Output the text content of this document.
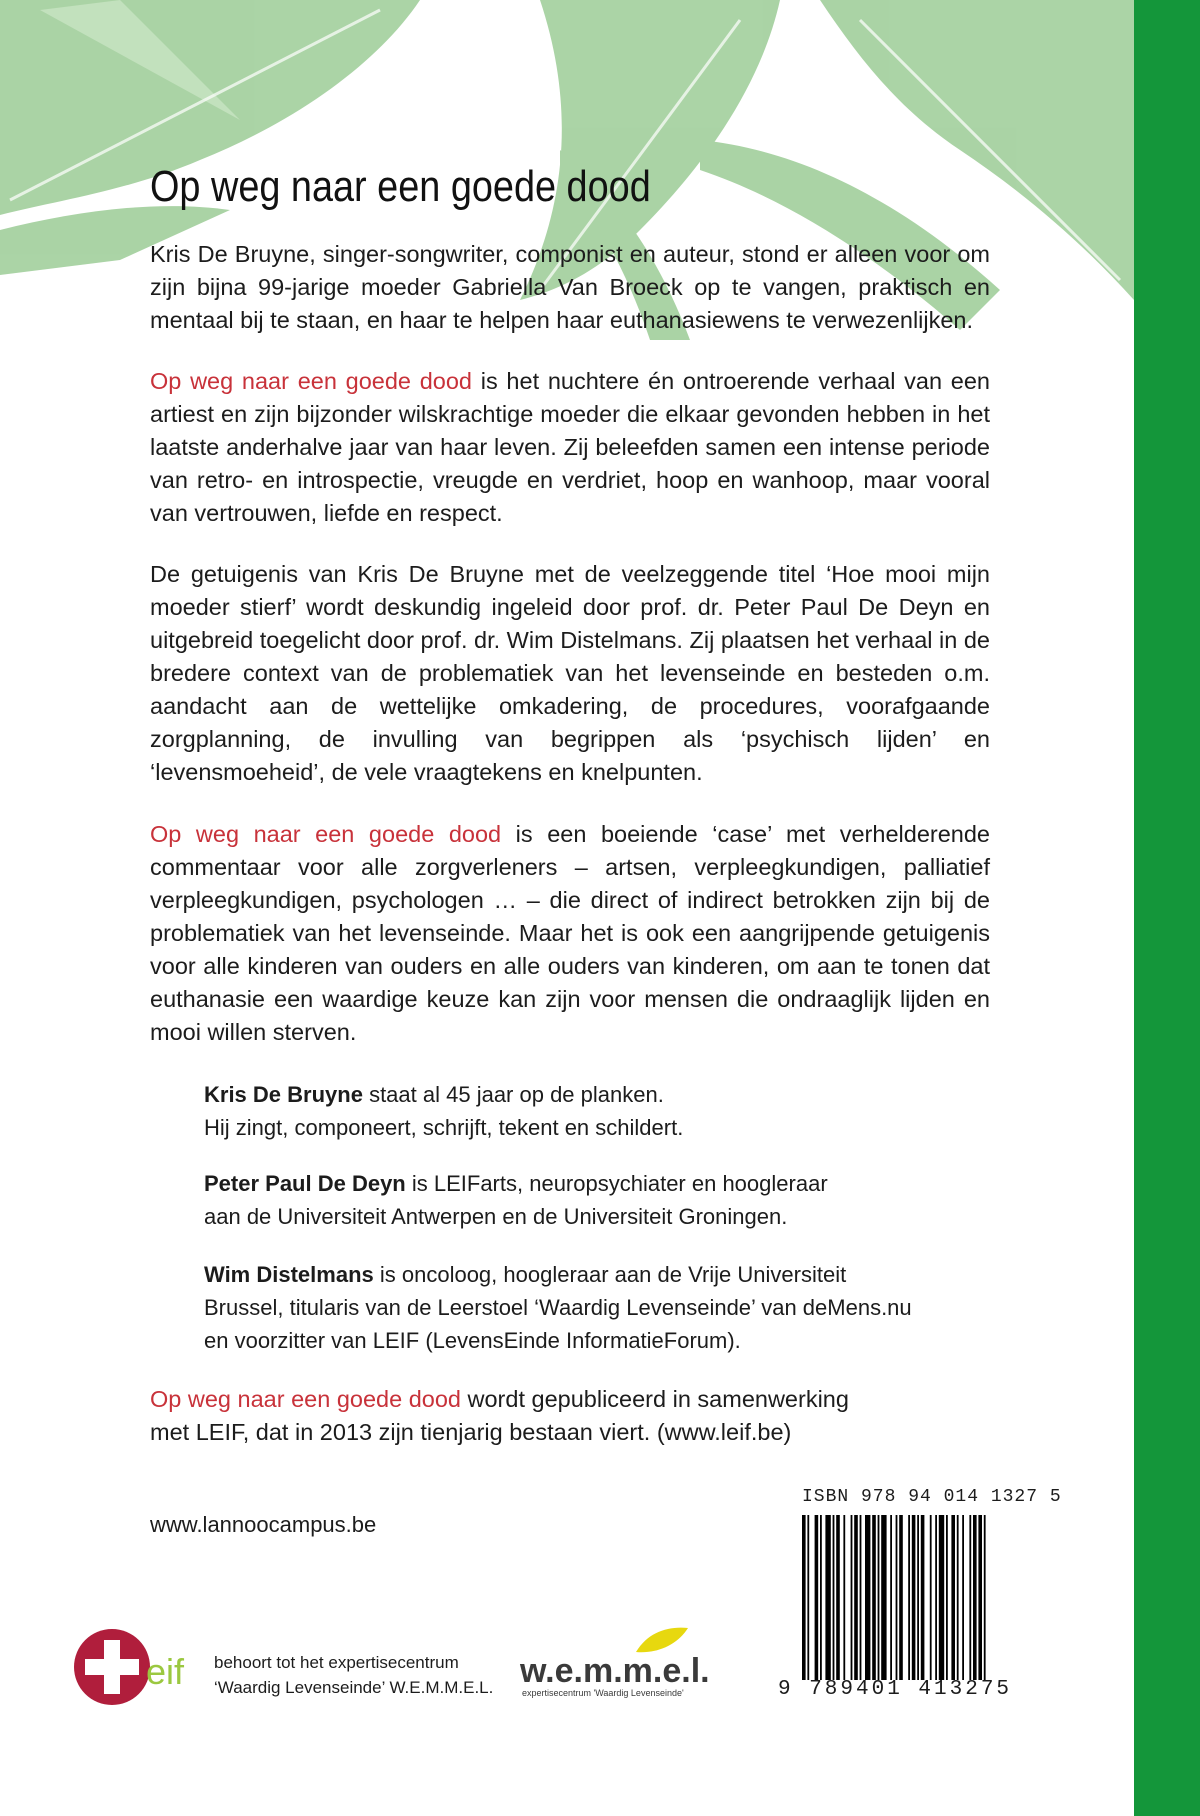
Op weg naar een goede dood

Kris De Bruyne, singer-songwriter, componist en auteur, stond er alleen voor om zijn bijna 99-jarige moeder Gabriella Van Broeck op te vangen, praktisch en mentaal bij te staan, en haar te helpen haar euthanasiewens te verwezenlijken.

Op weg naar een goede dood is het nuchtere én ontroerende verhaal van een artiest en zijn bijzonder wilskrachtige moeder die elkaar gevonden hebben in het laatste anderhalve jaar van haar leven. Zij beleefden samen een intense periode van retro- en introspectie, vreugde en verdriet, hoop en wanhoop, maar vooral van vertrouwen, liefde en respect.

De getuigenis van Kris De Bruyne met de veelzeggende titel ‘Hoe mooi mijn moeder stierf’ wordt deskundig ingeleid door prof. dr. Peter Paul De Deyn en uitgebreid toegelicht door prof. dr. Wim Distelmans. Zij plaatsen het verhaal in de bredere context van de problematiek van het levenseinde en besteden o.m. aandacht aan de wettelijke omkadering, de procedures, voorafgaande zorgplanning, de invulling van begrippen als ‘psychisch lijden’ en ‘levensmoeheid’, de vele vraagtekens en knelpunten.

Op weg naar een goede dood is een boeiende ‘case’ met verhelderende commentaar voor alle zorgverleners – artsen, verpleegkundigen, palliatief verpleegkundigen, psychologen … – die direct of indirect betrokken zijn bij de problematiek van het levenseinde. Maar het is ook een aangrijpende getuigenis voor alle kinderen van ouders en alle ouders van kinderen, om aan te tonen dat euthanasie een waardige keuze kan zijn voor mensen die ondraaglijk lijden en mooi willen sterven.

Kris De Bruyne staat al 45 jaar op de planken.
Hij zingt, componeert, schrijft, tekent en schildert.

Peter Paul De Deyn is LEIFarts, neuropsychiater en hoogleraar
aan de Universiteit Antwerpen en de Universiteit Groningen.

Wim Distelmans is oncoloog, hoogleraar aan de Vrije Universiteit
Brussel, titularis van de Leerstoel ‘Waardig Levenseinde’ van deMens.nu
en voorzitter van LEIF (LevensEinde InformatieForum).

Op weg naar een goede dood wordt gepubliceerd in samenwerking
met LEIF, dat in 2013 zijn tienjarig bestaan viert. (www.leif.be)

www.lannoocampus.be
ISBN 978 94 014 1327 5
9 789401 413275
eif behoort tot het expertisecentrum
‘Waardig Levenseinde’ W.E.M.M.E.L. w.e.m.m.e.l.
expertisecentrum 'Waardig Levenseinde'
